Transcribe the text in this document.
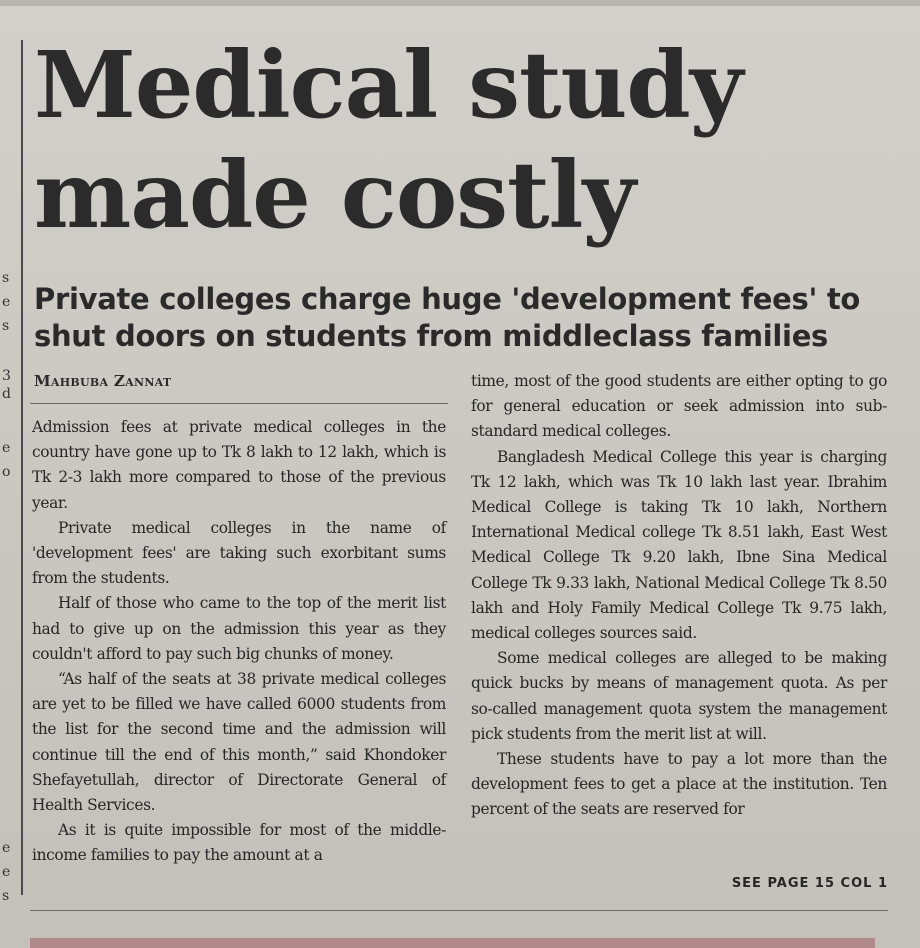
s
e
s
3
d
e
o
e
e
s
Medical study
made costly
Private colleges charge huge 'development fees' to
shut doors on students from middleclass families
Mahbuba Zannat

Admission fees at private medical colleges in the country have gone up to Tk 8 lakh to 12 lakh, which is Tk 2-3 lakh more compared to those of the previous year.

Private medical colleges in the name of 'development fees' are taking such exorbitant sums from the students.

Half of those who came to the top of the merit list had to give up on the admission this year as they couldn't afford to pay such big chunks of money.

“As half of the seats at 38 private medical colleges are yet to be filled we have called 6000 students from the list for the second time and the admission will continue till the end of this month,” said Khondoker Shefayetullah, director of Directorate General of Health Services.

As it is quite impossible for most of the middle-income families to pay the amount at a

time, most of the good students are either opting to go for general education or seek admission into sub-standard medical colleges.

Bangladesh Medical College this year is charging Tk 12 lakh, which was Tk 10 lakh last year. Ibrahim Medical College is taking Tk 10 lakh, Northern International Medical college Tk 8.51 lakh, East West Medical College Tk 9.20 lakh, Ibne Sina Medical College Tk 9.33 lakh, National Medical College Tk 8.50 lakh and Holy Family Medical College Tk 9.75 lakh, medical colleges sources said.

Some medical colleges are alleged to be making quick bucks by means of management quota. As per so-called management quota system the management pick students from the merit list at will.

These students have to pay a lot more than the development fees to get a place at the institution. Ten percent of the seats are reserved for

SEE PAGE 15 COL 1
